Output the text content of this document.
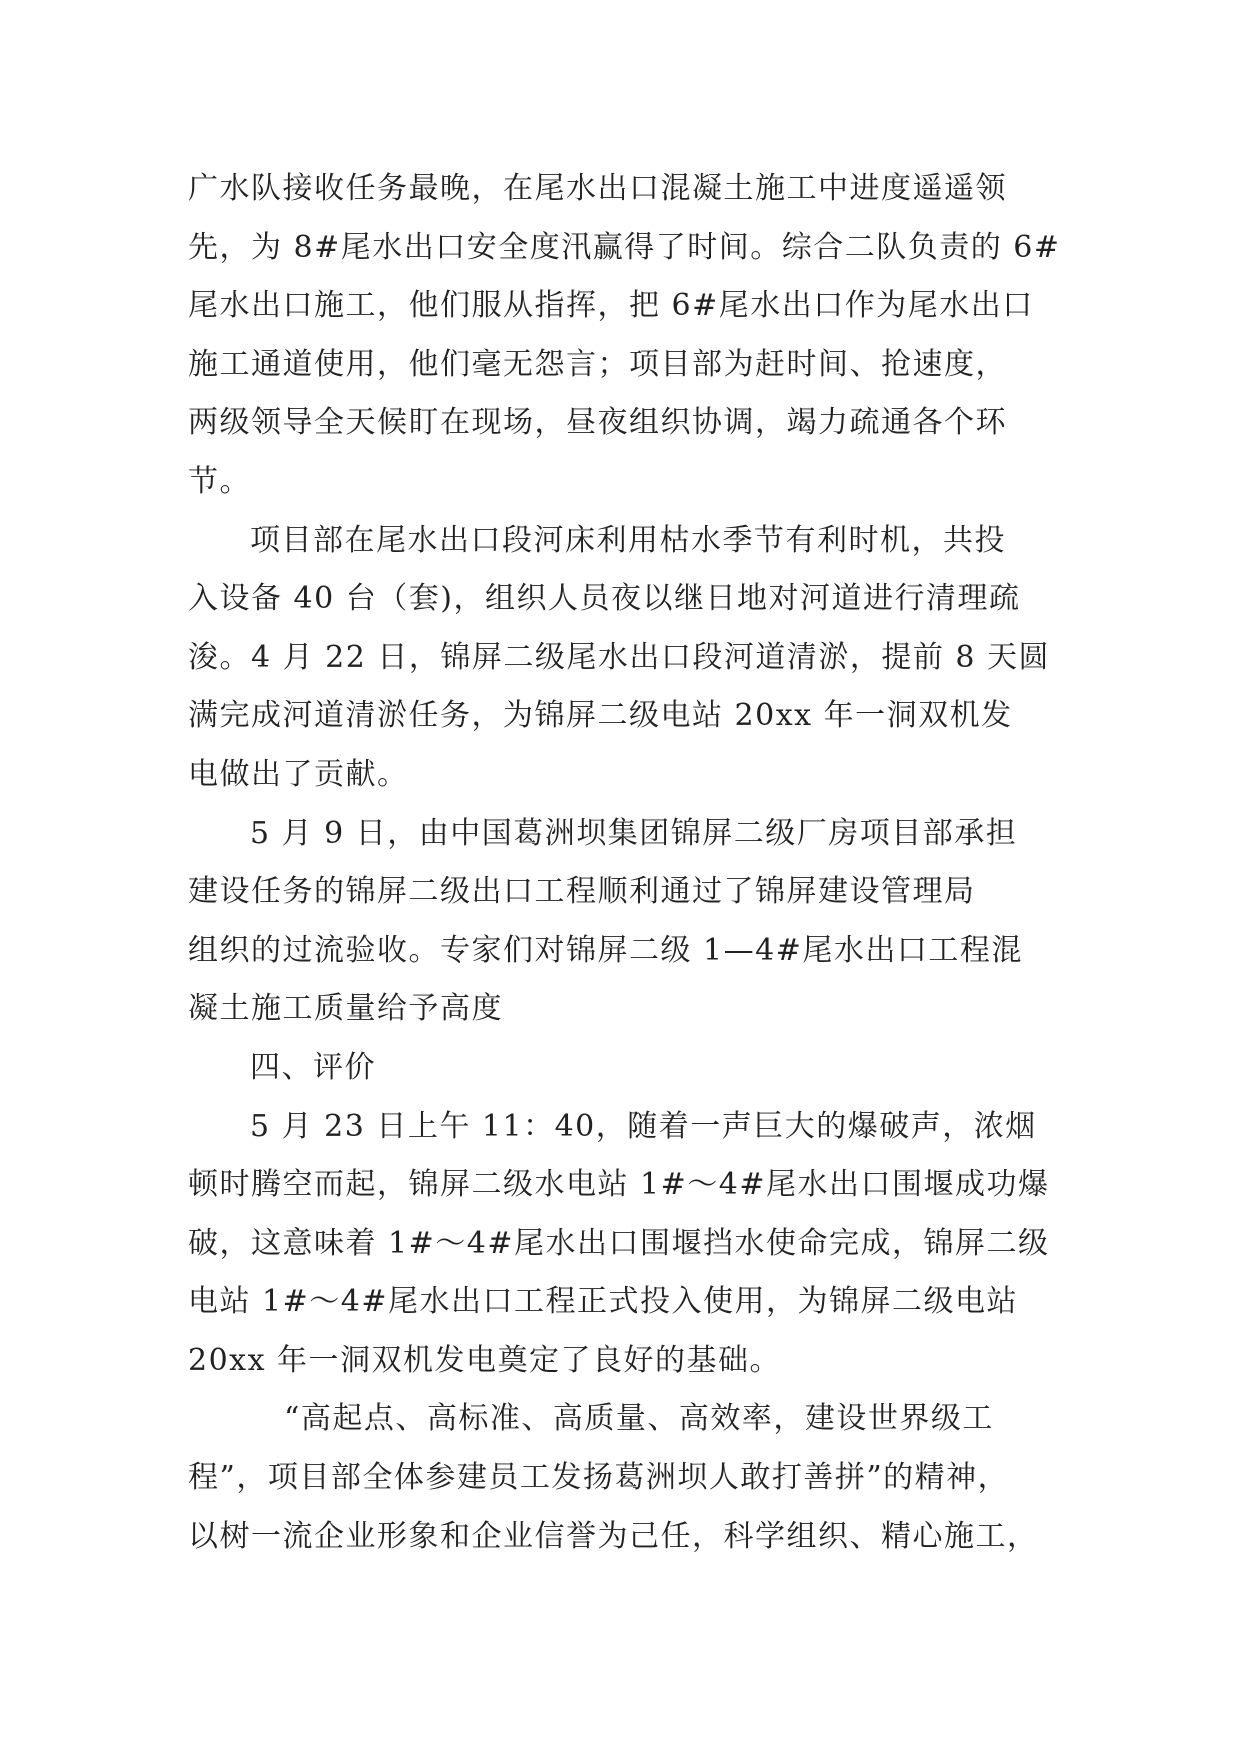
广水队接收任务最晚，在尾水出口混凝土施工中进度遥遥领
先，为 8#尾水出口安全度汛赢得了时间。综合二队负责的 6#
尾水出口施工，他们服从指挥，把 6#尾水出口作为尾水出口
施工通道使用，他们毫无怨言；项目部为赶时间、抢速度，
两级领导全天候盯在现场，昼夜组织协调，竭力疏通各个环
节。
项目部在尾水出口段河床利用枯水季节有利时机，共投
入设备 40 台（套)，组织人员夜以继日地对河道进行清理疏
浚。4 月 22 日，锦屏二级尾水出口段河道清淤，提前 8 天圆
满完成河道清淤任务，为锦屏二级电站 20xx 年一洞双机发
电做出了贡献。
5 月 9 日，由中国葛洲坝集团锦屏二级厂房项目部承担
建设任务的锦屏二级出口工程顺利通过了锦屏建设管理局
组织的过流验收。专家们对锦屏二级 1—4#尾水出口工程混
凝土施工质量给予高度
四、评价
5 月 23 日上午 11：40，随着一声巨大的爆破声，浓烟
顿时腾空而起，锦屏二级水电站 1#～4#尾水出口围堰成功爆
破，这意味着 1#～4#尾水出口围堰挡水使命完成，锦屏二级
电站 1#～4#尾水出口工程正式投入使用，为锦屏二级电站
20xx 年一洞双机发电奠定了良好的基础。
“高起点、高标准、高质量、高效率，建设世界级工
程”，项目部全体参建员工发扬葛洲坝人敢打善拼”的精神，
以树一流企业形象和企业信誉为己任，科学组织、精心施工，
